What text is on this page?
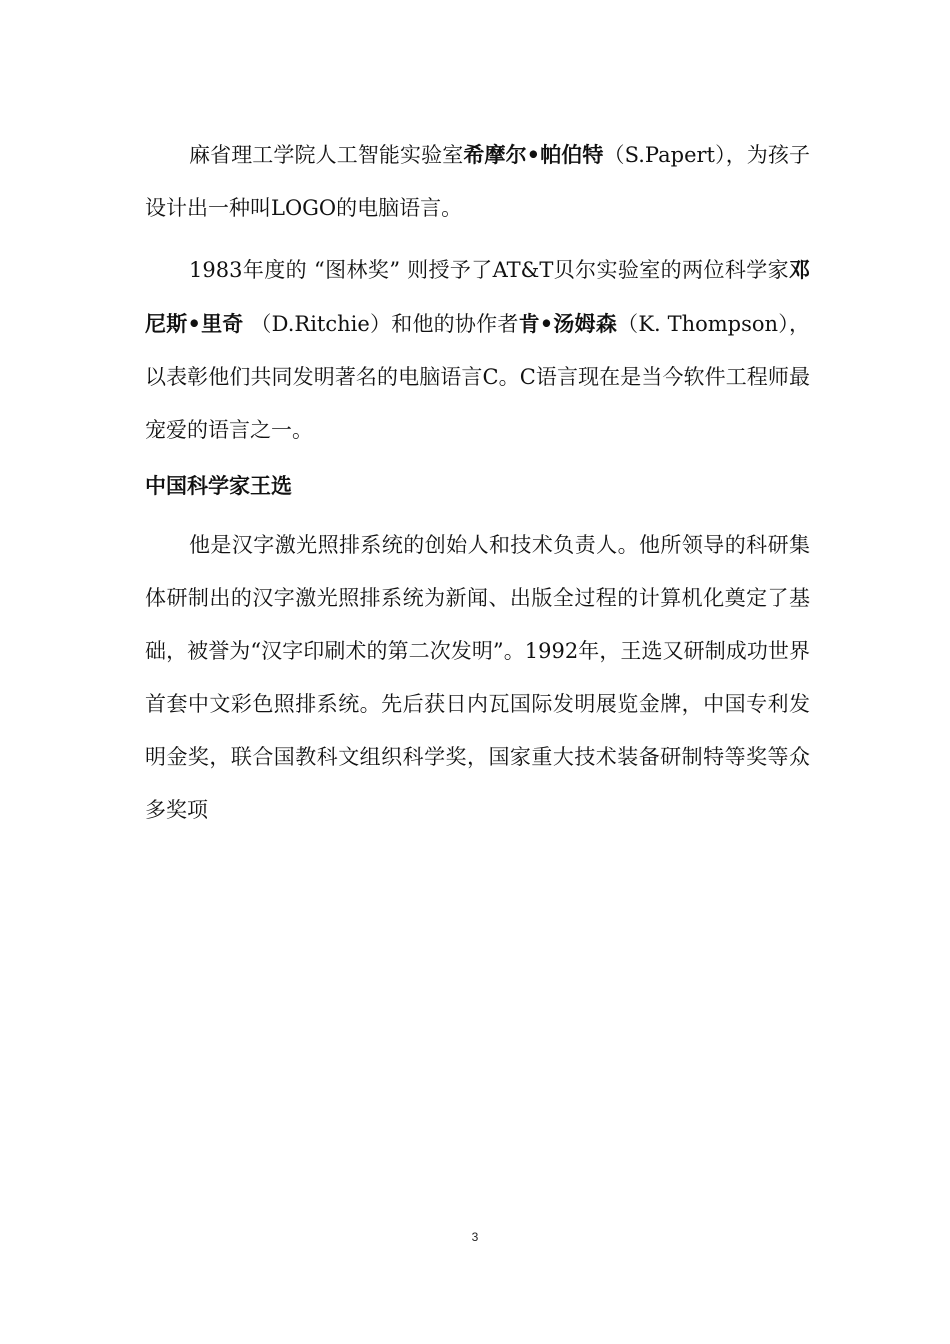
麻省理工学院人工智能实验室希摩尔•帕伯特（S.Papert），为孩子设计出一种叫LOGO的电脑语言。

1983年度的 “图林奖” 则授予了AT&T贝尔实验室的两位科学家邓尼斯•里奇 （D.Ritchie）和他的协作者肯•汤姆森（K. Thompson），以表彰他们共同发明著名的电脑语言C。C语言现在是当今软件工程师最宠爱的语言之一。

中国科学家王选

他是汉字激光照排系统的创始人和技术负责人。他所领导的科研集体研制出的汉字激光照排系统为新闻、出版全过程的计算机化奠定了基础，被誉为“汉字印刷术的第二次发明”。1992年，王选又研制成功世界首套中文彩色照排系统。先后获日内瓦国际发明展览金牌，中国专利发明金奖，联合国教科文组织科学奖，国家重大技术装备研制特等奖等众多奖项

3
